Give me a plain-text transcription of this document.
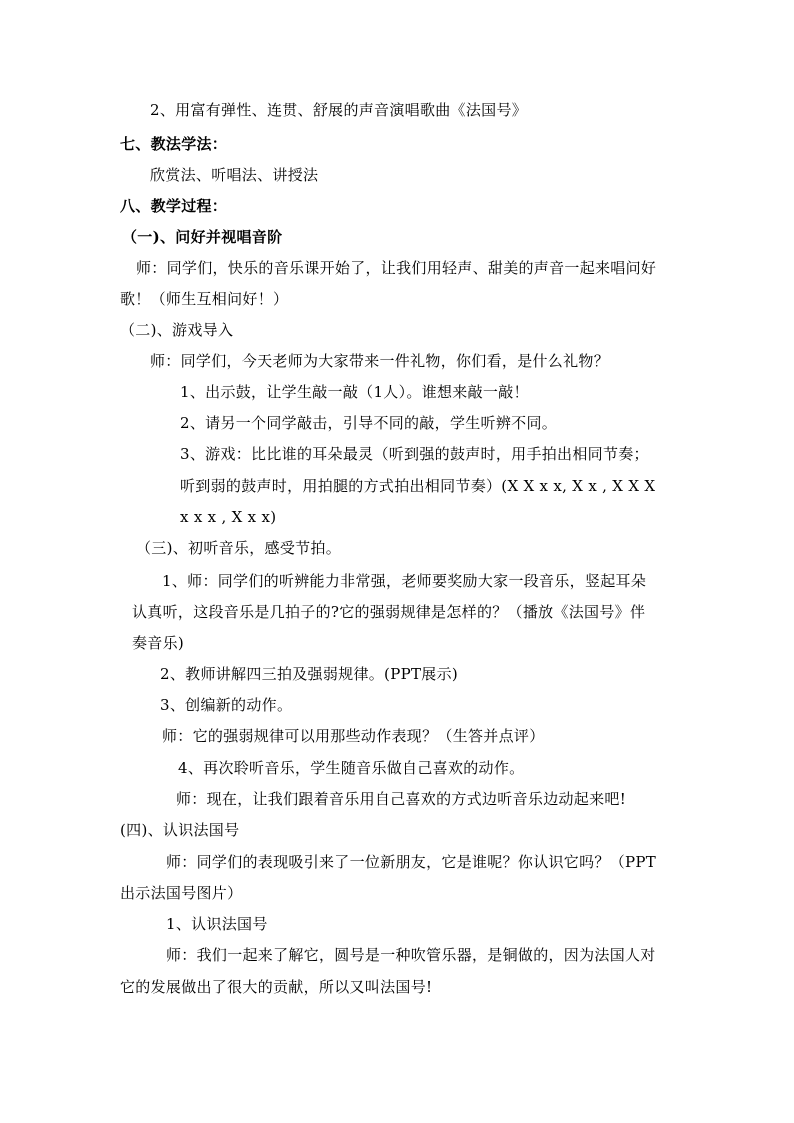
2、用富有弹性、连贯、舒展的声音演唱歌曲《法国号》
七、教法学法：
欣赏法、听唱法、讲授法
八、教学过程：
（一)、问好并视唱音阶
师：同学们，快乐的音乐课开始了，让我们用轻声、甜美的声音一起来唱问好
歌！（师生互相问好！）
（二)、游戏导入
师：同学们，今天老师为大家带来一件礼物，你们看，是什么礼物？
1、出示鼓，让学生敲一敲（1人）。谁想来敲一敲！
2、请另一个同学敲击，引导不同的敲，学生听辨不同。
3、游戏：比比谁的耳朵最灵（听到强的鼓声时，用手拍出相同节奏；
听到弱的鼓声时，用拍腿的方式拍出相同节奏）(X X x x, X x , X X X
x x x , X x x)
（三)、初听音乐，感受节拍。
1、师：同学们的听辨能力非常强，老师要奖励大家一段音乐，竖起耳朵
认真听，这段音乐是几拍子的?它的强弱规律是怎样的？（播放《法国号》伴
奏音乐)
2、教师讲解四三拍及强弱规律。(PPT展示)
3、创编新的动作。
师：它的强弱规律可以用那些动作表现？（生答并点评）
4、再次聆听音乐，学生随音乐做自己喜欢的动作。
师：现在，让我们跟着音乐用自己喜欢的方式边听音乐边动起来吧!
(四)、认识法国号
师：同学们的表现吸引来了一位新朋友，它是谁呢？你认识它吗？（PPT
出示法国号图片）
1、认识法国号
师：我们一起来了解它，圆号是一种吹管乐器，是铜做的，因为法国人对
它的发展做出了很大的贡献，所以又叫法国号!
